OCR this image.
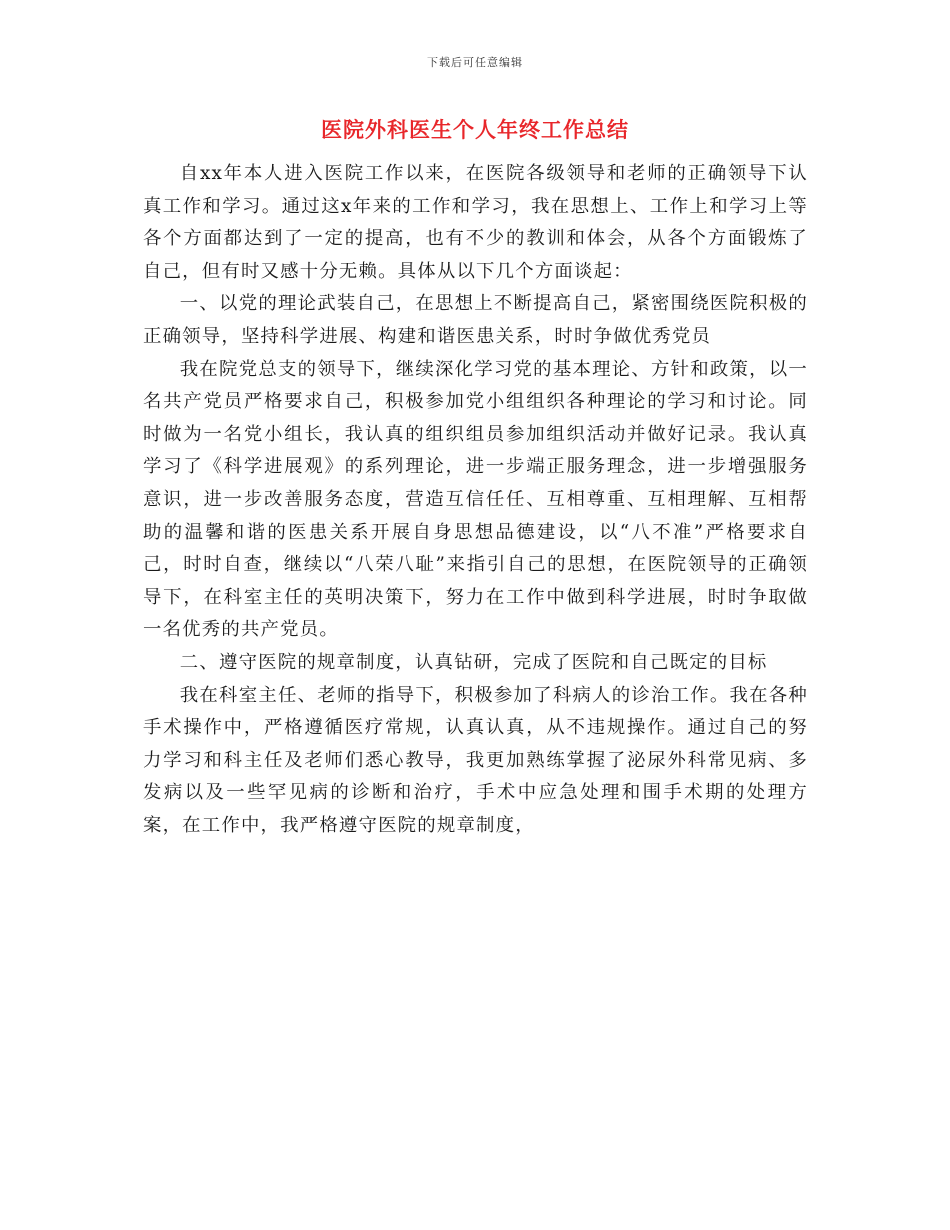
下载后可任意编辑
医院外科医生个人年终工作总结

自xx年本人进入医院工作以来，在医院各级领导和老师的正确领导下认真工作和学习。通过这x年来的工作和学习，我在思想上、工作上和学习上等各个方面都达到了一定的提高，也有不少的教训和体会，从各个方面锻炼了自己，但有时又感十分无赖。具体从以下几个方面谈起：

一、以党的理论武装自己，在思想上不断提高自己，紧密围绕医院积极的正确领导，坚持科学进展、构建和谐医患关系，时时争做优秀党员

我在院党总支的领导下，继续深化学习党的基本理论、方针和政策，以一名共产党员严格要求自己，积极参加党小组组织各种理论的学习和讨论。同时做为一名党小组长，我认真的组织组员参加组织活动并做好记录。我认真学习了《科学进展观》的系列理论，进一步端正服务理念，进一步增强服务意识，进一步改善服务态度，营造互信任任、互相尊重、互相理解、互相帮助的温馨和谐的医患关系开展自身思想品德建设，以“八不准”严格要求自己，时时自查，继续以“八荣八耻”来指引自己的思想，在医院领导的正确领导下，在科室主任的英明决策下，努力在工作中做到科学进展，时时争取做一名优秀的共产党员。

二、遵守医院的规章制度，认真钻研，完成了医院和自己既定的目标

我在科室主任、老师的指导下，积极参加了科病人的诊治工作。我在各种手术操作中，严格遵循医疗常规，认真认真，从不违规操作。通过自己的努力学习和科主任及老师们悉心教导，我更加熟练掌握了泌尿外科常见病、多发病以及一些罕见病的诊断和治疗，手术中应急处理和围手术期的处理方案，在工作中，我严格遵守医院的规章制度，
